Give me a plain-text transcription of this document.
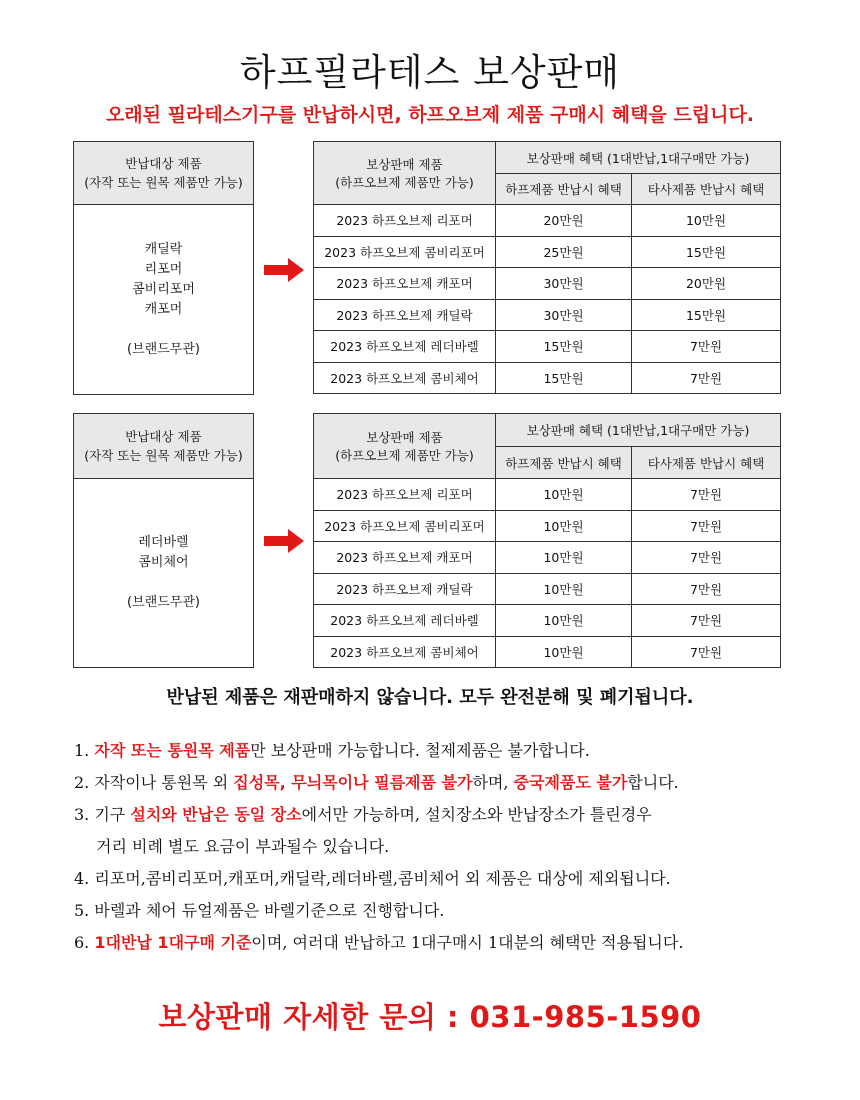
하프필라테스 보상판매
오래된 필라테스기구를 반납하시면, 하프오브제 제품 구매시 혜택을 드립니다.
반납대상 제품
(자작 또는 원목 제품만 가능)
캐딜락
리포머
콤비리포머
캐포머
(브랜드무관)
보상판매 제품
(하프오브제 제품만 가능)	보상판매 혜택 (1대반납,1대구매만 가능)	
	하프제품 반납시 혜택	타사제품 반납시 혜택
2023 하프오브제 리포머	20만원	10만원
2023 하프오브제 콤비리포머	25만원	15만원
2023 하프오브제 캐포머	30만원	20만원
2023 하프오브제 캐딜락	30만원	15만원
2023 하프오브제 레더바렐	15만원	7만원
2023 하프오브제 콤비체어	15만원	7만원
반납대상 제품
(자작 또는 원목 제품만 가능)
레더바렐
콤비체어
(브랜드무관)
보상판매 제품
(하프오브제 제품만 가능)	보상판매 혜택 (1대반납,1대구매만 가능)	
	하프제품 반납시 혜택	타사제품 반납시 혜택
2023 하프오브제 리포머	10만원	7만원
2023 하프오브제 콤비리포머	10만원	7만원
2023 하프오브제 캐포머	10만원	7만원
2023 하프오브제 캐딜락	10만원	7만원
2023 하프오브제 레더바렐	10만원	7만원
2023 하프오브제 콤비체어	10만원	7만원
반납된 제품은 재판매하지 않습니다. 모두 완전분해 및 폐기됩니다.
1. 자작 또는 통원목 제품만 보상판매 가능합니다. 철제제품은 불가합니다.
2. 자작이나 통원목 외 집성목, 무늬목이나 필름제품 불가하며, 중국제품도 불가합니다.
3. 기구 설치와 반납은 동일 장소에서만 가능하며, 설치장소와 반납장소가 틀린경우
거리 비례 별도 요금이 부과될수 있습니다.
4. 리포머,콤비리포머,캐포머,캐딜락,레더바렐,콤비체어 외 제품은 대상에 제외됩니다.
5. 바렐과 체어 듀얼제품은 바렐기준으로 진행합니다.
6. 1대반납 1대구매 기준이며, 여러대 반납하고 1대구매시 1대분의 혜택만 적용됩니다.
보상판매 자세한 문의 : 031-985-1590
